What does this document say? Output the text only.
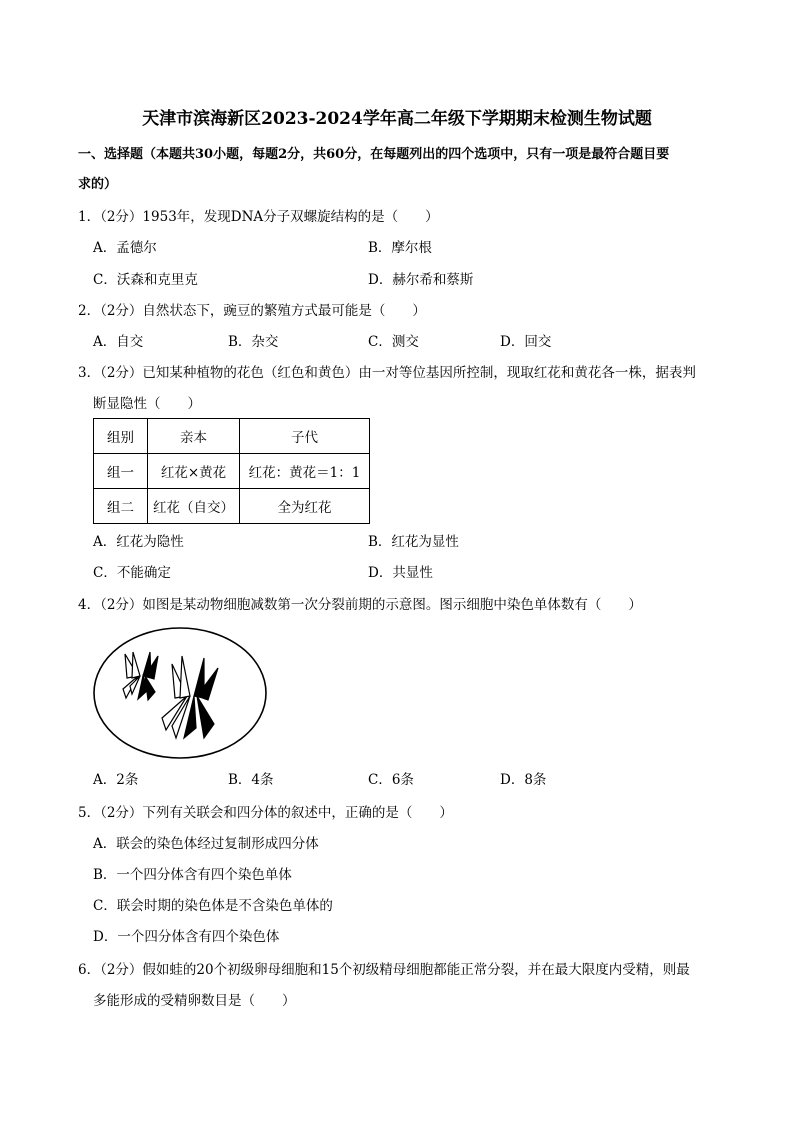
天津市滨海新区2023-2024学年高二年级下学期期末检测生物试题
一、选择题（本题共30小题，每题2分，共60分，在每题列出的四个选项中，只有一项是最符合题目要
求的）
1．（2分）1953年，发现DNA分子双螺旋结构的是（　　）
A．孟德尔	B．摩尔根
C．沃森和克里克	D．赫尔希和蔡斯
2．（2分）自然状态下，豌豆的繁殖方式最可能是（　　）
A．自交	B．杂交	C．测交	D．回交
3．（2分）已知某种植物的花色（红色和黄色）由一对等位基因所控制，现取红花和黄花各一株，据表判
断显隐性（　　）
组别	亲本	子代
组一	红花×黄花	红花：黄花＝1：1
组二	红花（自交）	全为红花
A．红花为隐性	B．红花为显性
C．不能确定	D．共显性
4．（2分）如图是某动物细胞减数第一次分裂前期的示意图。图示细胞中染色单体数有（　　）
A．2条	B．4条	C．6条	D．8条
5．（2分）下列有关联会和四分体的叙述中，正确的是（　　）
A．联会的染色体经过复制形成四分体
B．一个四分体含有四个染色单体
C．联会时期的染色体是不含染色单体的
D．一个四分体含有四个染色体
6．（2分）假如蛙的20个初级卵母细胞和15个初级精母细胞都能正常分裂，并在最大限度内受精，则最
多能形成的受精卵数目是（　　）
